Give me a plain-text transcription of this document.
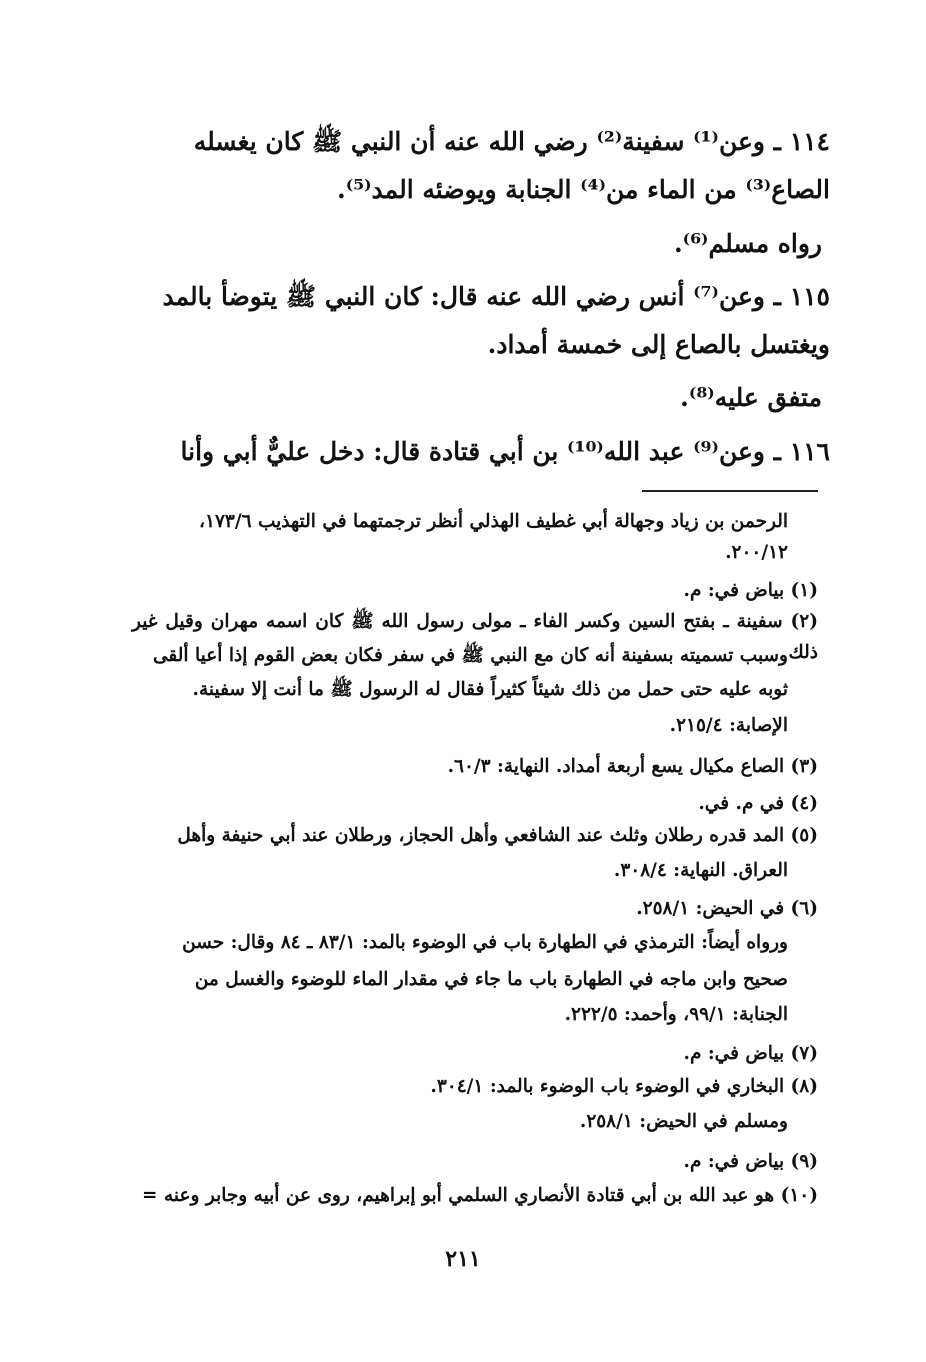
١١٤ ـ وعن⁽¹⁾ سفينة⁽²⁾ رضي الله عنه أن النبي ﷺ كان يغسله

الصاع⁽³⁾ من الماء من⁽⁴⁾ الجنابة ويوضئه المد⁽⁵⁾.

رواه مسلم⁽⁶⁾.

١١٥ ـ وعن⁽⁷⁾ أنس رضي الله عنه قال: كان النبي ﷺ يتوضأ بالمد

ويغتسل بالصاع إلى خمسة أمداد.

متفق عليه⁽⁸⁾.

١١٦ ـ وعن⁽⁹⁾ عبد الله⁽¹⁰⁾ بن أبي قتادة قال: دخل عليٌّ أبي وأنا

الرحمن بن زياد وجهالة أبي غطيف الهذلي أنظر ترجمتهما في التهذيب ١٧٣/٦،

٢٠٠/١٢.

(١) بياض في: م.

(٢) سفينة ـ بفتح السين وكسر الفاء ـ مولى رسول الله ﷺ كان اسمه مهران وقيل غير ذلك

وسبب تسميته بسفينة أنه كان مع النبي ﷺ في سفر فكان بعض القوم إذا أعيا ألقى

ثوبه عليه حتى حمل من ذلك شيئاً كثيراً فقال له الرسول ﷺ ما أنت إلا سفينة.

الإصابة: ٢١٥/٤.

(٣) الصاع مكيال يسع أربعة أمداد. النهاية: ٦٠/٣.

(٤) في م. في.

(٥) المد قدره رطلان وثلث عند الشافعي وأهل الحجاز، ورطلان عند أبي حنيفة وأهل

العراق. النهاية: ٣٠٨/٤.

(٦) في الحيض: ٢٥٨/١.

ورواه أيضاً: الترمذي في الطهارة باب في الوضوء بالمد: ٨٣/١ ـ ٨٤ وقال: حسن

صحيح وابن ماجه في الطهارة باب ما جاء في مقدار الماء للوضوء والغسل من

الجنابة: ٩٩/١، وأحمد: ٢٢٢/٥.

(٧) بياض في: م.

(٨) البخاري في الوضوء باب الوضوء بالمد: ٣٠٤/١.

ومسلم في الحيض: ٢٥٨/١.

(٩) بياض في: م.

(١٠) هو عبد الله بن أبي قتادة الأنصاري السلمي أبو إبراهيم، روى عن أبيه وجابر وعنه =

٢١١
